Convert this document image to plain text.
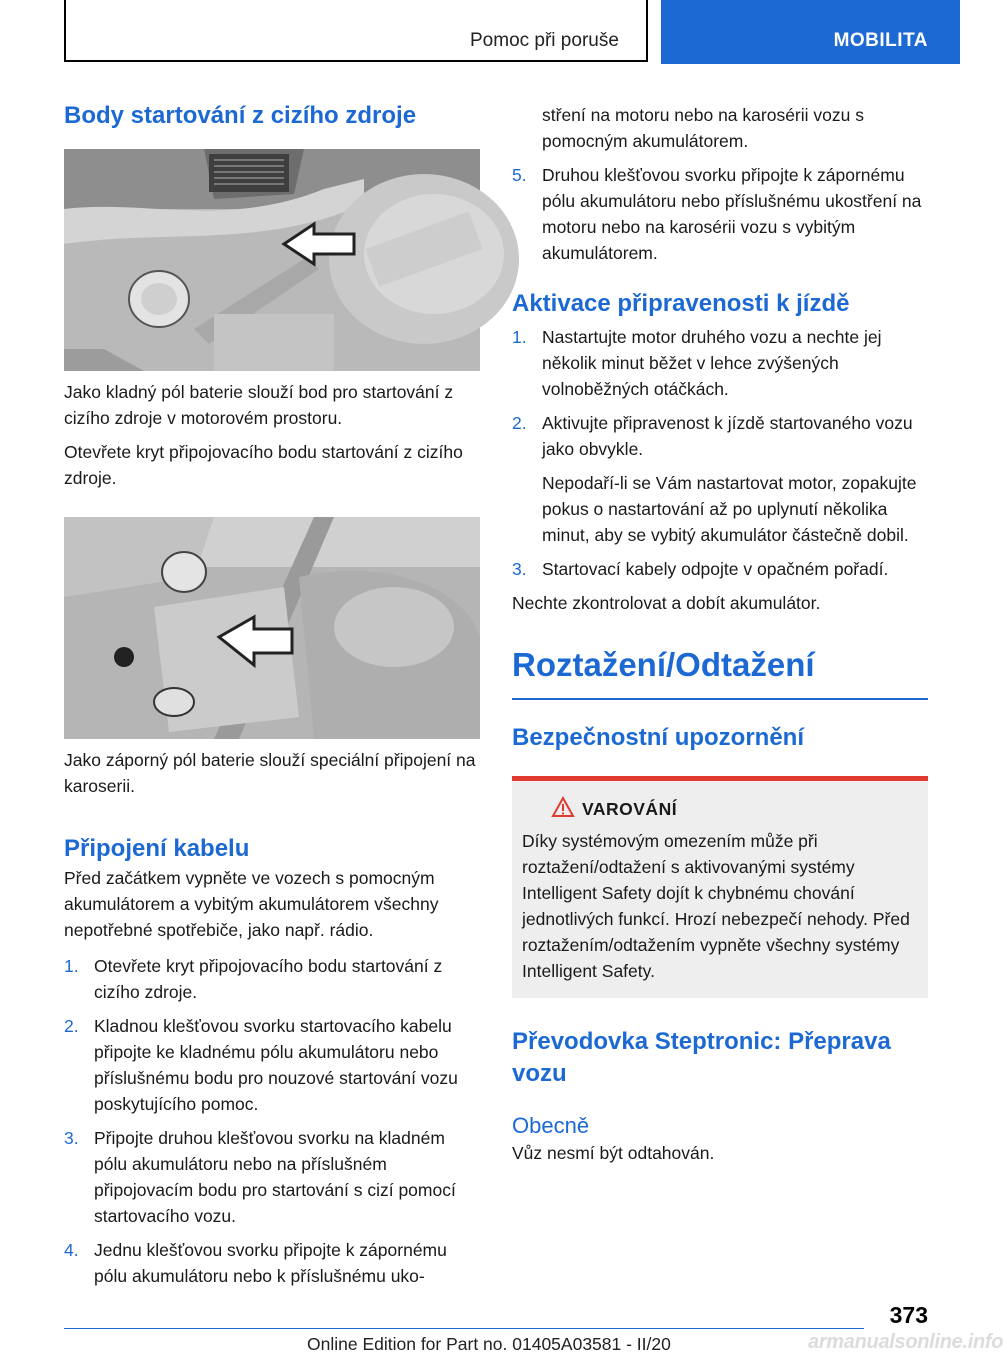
Pomoc při poruše	MOBILITA
Body startování z cizího zdroje

Jako kladný pól baterie slouží bod pro startování z cizího zdroje v motorovém prostoru.

Otevřete kryt připojovacího bodu startování z cizího zdroje.

Jako záporný pól baterie slouží speciální připojení na karoserii.

Připojení kabelu

Před začátkem vypněte ve vozech s pomocným akumulátorem a vybitým akumulátorem všechny nepotřebné spotřebiče, jako např. rádio.

1. Otevřete kryt připojovacího bodu startování z cizího zdroje.
2. Kladnou klešťovou svorku startovacího kabelu připojte ke kladnému pólu akumulátoru nebo příslušnému bodu pro nouzové startování vozu poskytujícího pomoc.
3. Připojte druhou klešťovou svorku na kladném pólu akumulátoru nebo na příslušném připojovacím bodu pro startování s cizí pomocí startovacího vozu.
4. Jednu klešťovou svorku připojte k zápornému pólu akumulátoru nebo k příslušnému uko-
stření na motoru nebo na karosérii vozu s pomocným akumulátorem.
5. Druhou klešťovou svorku připojte k zápornému pólu akumulátoru nebo příslušnému ukostření na motoru nebo na karosérii vozu s vybitým akumulátorem.
Aktivace připravenosti k jízdě
1. Nastartujte motor druhého vozu a nechte jej několik minut běžet v lehce zvýšených volnoběžných otáčkách.
2. Aktivujte připravenost k jízdě startovaného vozu jako obvykle.
Nepodaří-li se Vám nastartovat motor, zopakujte pokus o nastartování až po uplynutí několika minut, aby se vybitý akumulátor částečně dobil.
3. Startovací kabely odpojte v opačném pořadí.

Nechte zkontrolovat a dobít akumulátor.

Roztažení/Odtažení
Bezpečnostní upozornění
VAROVÁNÍ

Díky systémovým omezením může při roztažení/odtažení s aktivovanými systémy Intelligent Safety dojít k chybnému chování jednotlivých funkcí. Hrozí nebezpečí nehody. Před roztažením/odtažením vypněte všechny systémy Intelligent Safety.

Převodovka Steptronic: Přeprava vozu
Obecně

Vůz nesmí být odtahován.

373
Online Edition for Part no. 01405A03581 - II/20	armanualsonline.info
